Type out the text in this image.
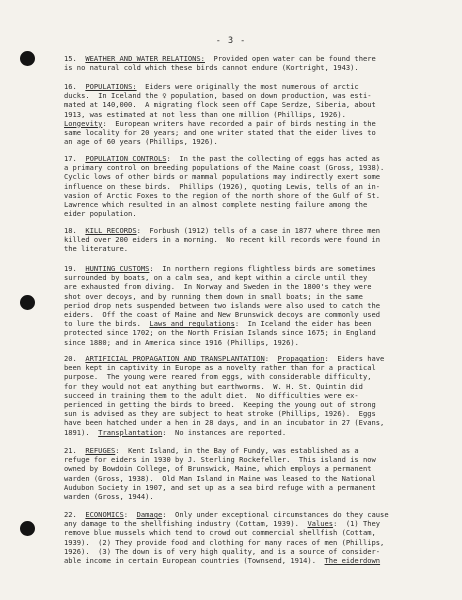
- 3 -
15.  WEATHER AND WATER RELATIONS:  Provided open water can be found there
is no natural cold which these birds cannot endure (Kortright, 1943).
16.  POPULATIONS:  Eiders were originally the most numerous of arctic
ducks.  In Iceland the ♀ population, based on down production, was esti-
mated at 140,000.  A migrating flock seen off Cape Serdze, Siberia, about
1913, was estimated at not less than one million (Phillips, 1926).
Longevity:  European writers have recorded a pair of birds nesting in the
same locality for 20 years; and one writer stated that the eider lives to
an age of 60 years (Phillips, 1926).
17.  POPULATION CONTROLS:  In the past the collecting of eggs has acted as
a primary control on breeding populations of the Maine coast (Gross, 1938).
Cyclic lows of other birds or mammal populations may indirectly exert some
influence on these birds.  Phillips (1926), quoting Lewis, tells of an in-
vasion of Arctic Foxes to the region of the north shore of the Gulf of St.
Lawrence which resulted in an almost complete nesting failure among the
eider population.
18.  KILL RECORDS:  Forbush (1912) tells of a case in 1877 where three men
killed over 200 eiders in a morning.  No recent kill records were found in
the literature.
19.  HUNTING CUSTOMS:  In northern regions flightless birds are sometimes
surrounded by boats, on a calm sea, and kept within a circle until they
are exhausted from diving.  In Norway and Sweden in the 1800's they were
shot over decoys, and by running them down in small boats; in the same
period drop nets suspended between two islands were also used to catch the
eiders.  Off the coast of Maine and New Brunswick decoys are commonly used
to lure the birds.  Laws and regulations:  In Iceland the eider has been
protected since 1702; on the North Frisian Islands since 1675; in England
since 1880; and in America since 1916 (Phillips, 1926).
20.  ARTIFICIAL PROPAGATION AND TRANSPLANTATION:  Propagation:  Eiders have
been kept in captivity in Europe as a novelty rather than for a practical
purpose.  The young were reared from eggs, with considerable difficulty,
for they would not eat anything but earthworms.  W. H. St. Quintin did
succeed in training them to the adult diet.  No difficulties were ex-
perienced in getting the birds to breed.  Keeping the young out of strong
sun is advised as they are subject to heat stroke (Phillips, 1926).  Eggs
have been hatched under a hen in 28 days, and in an incubator in 27 (Evans,
1891).  Transplantation:  No instances are reported.
21.  REFUGES:  Kent Island, in the Bay of Fundy, was established as a
refuge for eiders in 1930 by J. Sterling Rockefeller.  This island is now
owned by Bowdoin College, of Brunswick, Maine, which employs a permanent
warden (Gross, 1938).  Old Man Island in Maine was leased to the National
Audubon Society in 1907, and set up as a sea bird refuge with a permanent
warden (Gross, 1944).
22.  ECONOMICS:  Damage:  Only under exceptional circumstances do they cause
any damage to the shellfishing industry (Cottam, 1939).  Values:  (1) They
remove blue mussels which tend to crowd out commercial shellfish (Cottam,
1939).  (2) They provide food and clothing for many races of men (Phillips,
1926).  (3) The down is of very high quality, and is a source of consider-
able income in certain European countries (Townsend, 1914).  The eiderdown
